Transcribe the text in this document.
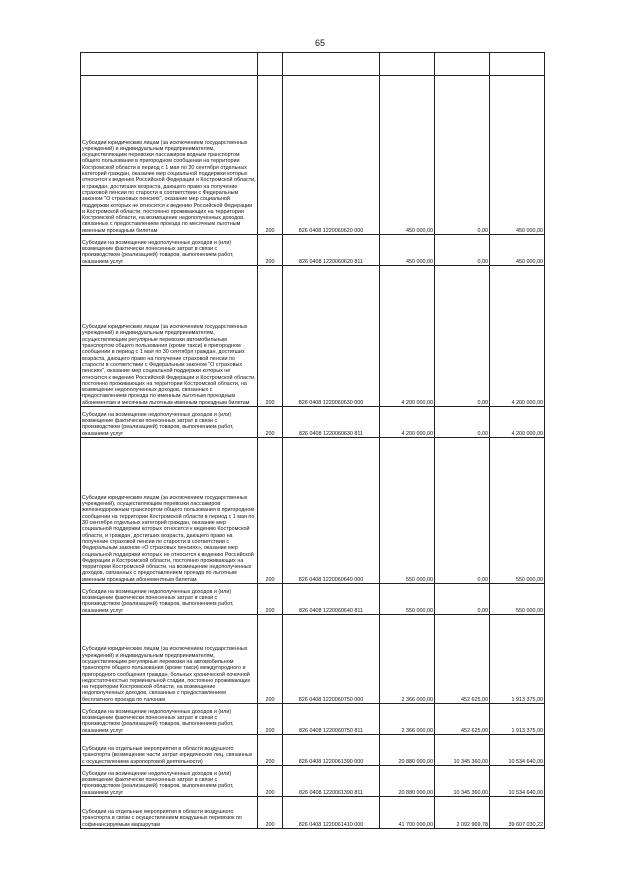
65

Субсидии юридическим лицам (за исключением государственных учреждений) и индивидуальным предпринимателям, осуществляющим перевозки пассажиров водным транспортом общего пользования в пригородном сообщении на территории Костромской области в период с 1 мая по 30 сентября отдельных категорий граждан, оказание мер социальной поддержки которых относится к ведению Российской Федерации и Костромской области, и граждан, достигших возраста, дающего право на получение страховой пенсии по старости в соответствии с Федеральным законом "О страховых пенсиях", оказание мер социальной поддержки которых не относится к ведению Российской Федерации и Костромской области, постоянно проживающих на территории Костромской области, на возмещение недополученных доходов, связанных с предоставлением проезда по месячным льготным именным проездным билетам	200	826 0408 1220060620 000	450 000,00	0,00	450 000,00
Субсидии на возмещение недополученных доходов и (или) возмещение фактически понесенных затрат в связи с производством (реализацией) товаров, выполнением работ, оказанием услуг	200	826 0408 1220060620 811	450 000,00	0,00	450 000,00
Субсидии юридическим лицам (за исключением государственных учреждений) и индивидуальным предпринимателям, осуществляющим регулярные перевозки автомобильным транспортом общего пользования (кроме такси) в пригородном сообщении в период с 1 мая по 30 сентября граждан, достигших возраста, дающего право на получение страховой пенсии по старости в соответствии с Федеральным законом "О страховых пенсиях", оказание мер социальной поддержки которых не относится к ведению Российской Федерации и Костромской области, постоянно проживающих на территории Костромской области, на возмещение недополученных доходов, связанных с предоставлением проезда по именным льготным проездным абонементам и месячным льготным именным проездным билетам	200	826 0408 1220060630 000	4 200 000,00	0,00	4 200 000,00
Субсидии на возмещение недополученных доходов и (или) возмещение фактически понесенных затрат в связи с производством (реализацией) товаров, выполнением работ, оказанием услуг	200	826 0408 1220060630 811	4 200 000,00	0,00	4 200 000,00
Субсидии юридическим лицам (за исключением государственных учреждений), осуществляющим перевозки пассажиров железнодорожным транспортом общего пользования в пригородном сообщении на территории Костромской области в период с 1 мая по 30 сентября отдельных категорий граждан, оказание мер социальной поддержки которых относится к ведению Костромской области, и граждан, достигших возраста, дающего право на получение страховой пенсии по старости в соответствии с Федеральным законом «О страховых пенсиях», оказание мер социальной поддержки которых не относится к ведению Российской Федерации и Костромской области, постоянно проживающих на территории Костромской области, на возмещение недополученных доходов, связанных с предоставлением проезда по льготным именным проездным абонементным билетам	200	826 0408 1220060640 000	550 000,00	0,00	550 000,00
Субсидии на возмещение недополученных доходов и (или) возмещение фактически понесенных затрат в связи с производством (реализацией) товаров, выполнением работ, оказанием услуг	200	826 0408 1220060640 811	550 000,00	0,00	550 000,00
Субсидии юридическим лицам (за исключением государственных учреждений) и индивидуальным предпринимателям, осуществляющим регулярные перевозки на автомобильном транспорте общего пользования (кроме такси) междугородного и пригородного сообщения граждан, больных хронической почечной недостаточностью терминальной стадии, постоянно проживающих на территории Костромской области, на возмещение недополученных доходов, связанных с предоставлением бесплатного проезда по талонам	200	826 0408 1220060750 000	2 366 000,00	452 625,00	1 913 375,00
Субсидии на возмещение недополученных доходов и (или) возмещение фактически понесенных затрат в связи с производством (реализацией) товаров, выполнением работ, оказанием услуг	200	826 0408 1220060750 811	2 366 000,00	452 625,00	1 913 375,00
Субсидии на отдельные мероприятия в области воздушного транспорта (возмещение части затрат юридических лиц, связанных с осуществлением аэропортовой деятельности)	200	826 0408 1220061390 000	20 880 000,00	10 345 360,00	10 534 640,00
Субсидии на возмещение недополученных доходов и (или) возмещение фактически понесенных затрат в связи с производством (реализацией) товаров, выполнением работ, оказанием услуг	200	826 0408 1220061390 811	20 880 000,00	10 345 360,00	10 534 640,00
Субсидии на отдельные мероприятия в области воздушного транспорта в связи с осуществлением воздушных перевозок по софинансируемым маршрутам	200	826 0408 1220061410 000	41 700 000,00	2 092 969,78	39 607 030,22
